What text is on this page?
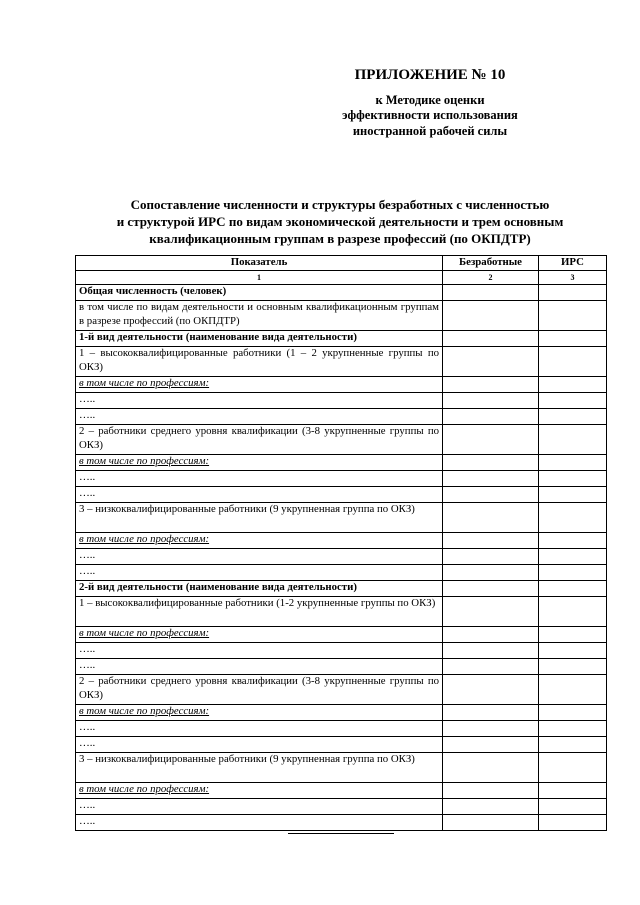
ПРИЛОЖЕНИЕ № 10
к Методике оценки
эффективности использования
иностранной рабочей силы
Сопоставление численности и структуры безработных с численностью
и структурой ИРС по видам экономической деятельности и трем основным
квалификационным группам в разрезе профессий (по ОКПДТР)
Показатель	Безработные	ИРС
1	2	3
Общая численность (человек)		
в том числе по видам деятельности и основным квалификационным группам в разрезе профессий (по ОКПДТР)		
1-й вид деятельности (наименование вида деятельности)		
1 – высококвалифицированные работники (1 – 2 укрупненные группы по ОКЗ)		
в том числе по профессиям:		
…..		
…..		
2 – работники среднего уровня квалификации (3-8 укрупненные группы по ОКЗ)		
в том числе по профессиям:		
…..		
…..		
3 – низкоквалифицированные работники (9 укрупненная группа по ОКЗ)		
в том числе по профессиям:		
…..		
…..		
2-й вид деятельности (наименование вида деятельности)		
1 – высококвалифицированные работники (1-2 укрупненные группы по ОКЗ)		
в том числе по профессиям:		
…..		
…..		
2 – работники среднего уровня квалификации (3-8 укрупненные группы по ОКЗ)		
в том числе по профессиям:		
…..		
…..		
3 – низкоквалифицированные работники (9 укрупненная группа по ОКЗ)		
в том числе по профессиям:		
…..		
…..		
